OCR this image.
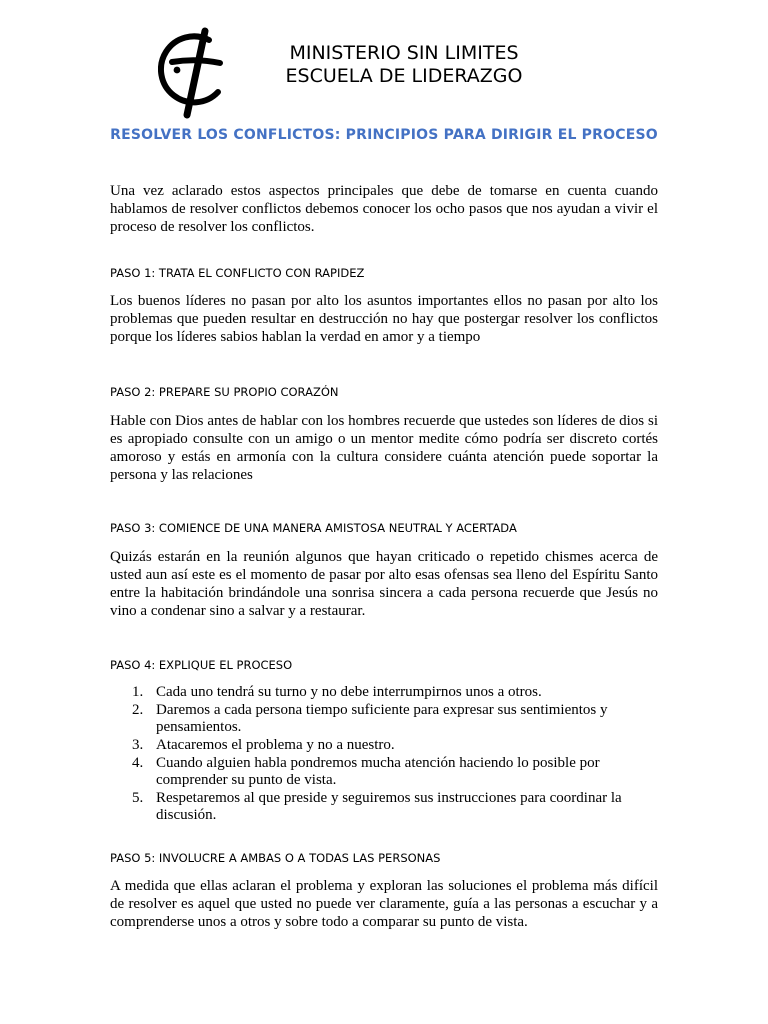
MINISTERIO SIN LIMITES
ESCUELA DE LIDERAZGO
RESOLVER LOS CONFLICTOS: PRINCIPIOS PARA DIRIGIR EL PROCESO
Una vez aclarado estos aspectos principales que debe de tomarse en cuenta cuando hablamos de resolver conflictos debemos conocer los ocho pasos que nos ayudan a vivir el proceso de resolver los conflictos.
PASO 1: TRATA EL CONFLICTO CON RAPIDEZ
Los buenos líderes no pasan por alto los asuntos importantes ellos no pasan por alto los problemas que pueden resultar en destrucción no hay que postergar resolver los conflictos porque los líderes sabios hablan la verdad en amor y a tiempo
PASO 2: PREPARE SU PROPIO CORAZÓN
Hable con Dios antes de hablar con los hombres recuerde que ustedes son líderes de dios si es apropiado consulte con un amigo o un mentor medite cómo podría ser discreto cortés amoroso y estás en armonía con la cultura considere cuánta atención puede soportar la persona y las relaciones
PASO 3: COMIENCE DE UNA MANERA AMISTOSA NEUTRAL Y ACERTADA
Quizás estarán en la reunión algunos que hayan criticado o repetido chismes acerca de usted aun así este es el momento de pasar por alto esas ofensas sea lleno del Espíritu Santo entre la habitación brindándole una sonrisa sincera a cada persona recuerde que Jesús no vino a condenar sino a salvar y a restaurar.
PASO 4: EXPLIQUE EL PROCESO
1. Cada uno tendrá su turno y no debe interrumpirnos unos a otros.
2. Daremos a cada persona tiempo suficiente para expresar sus sentimientos y pensamientos.
3. Atacaremos el problema y no a nuestro.
4. Cuando alguien habla pondremos mucha atención haciendo lo posible por comprender su punto de vista.
5. Respetaremos al que preside y seguiremos sus instrucciones para coordinar la discusión.
PASO 5: INVOLUCRE A AMBAS O A TODAS LAS PERSONAS
A medida que ellas aclaran el problema y exploran las soluciones el problema más difícil de resolver es aquel que usted no puede ver claramente, guía a las personas a escuchar y a comprenderse unos a otros y sobre todo a comparar su punto de vista.
